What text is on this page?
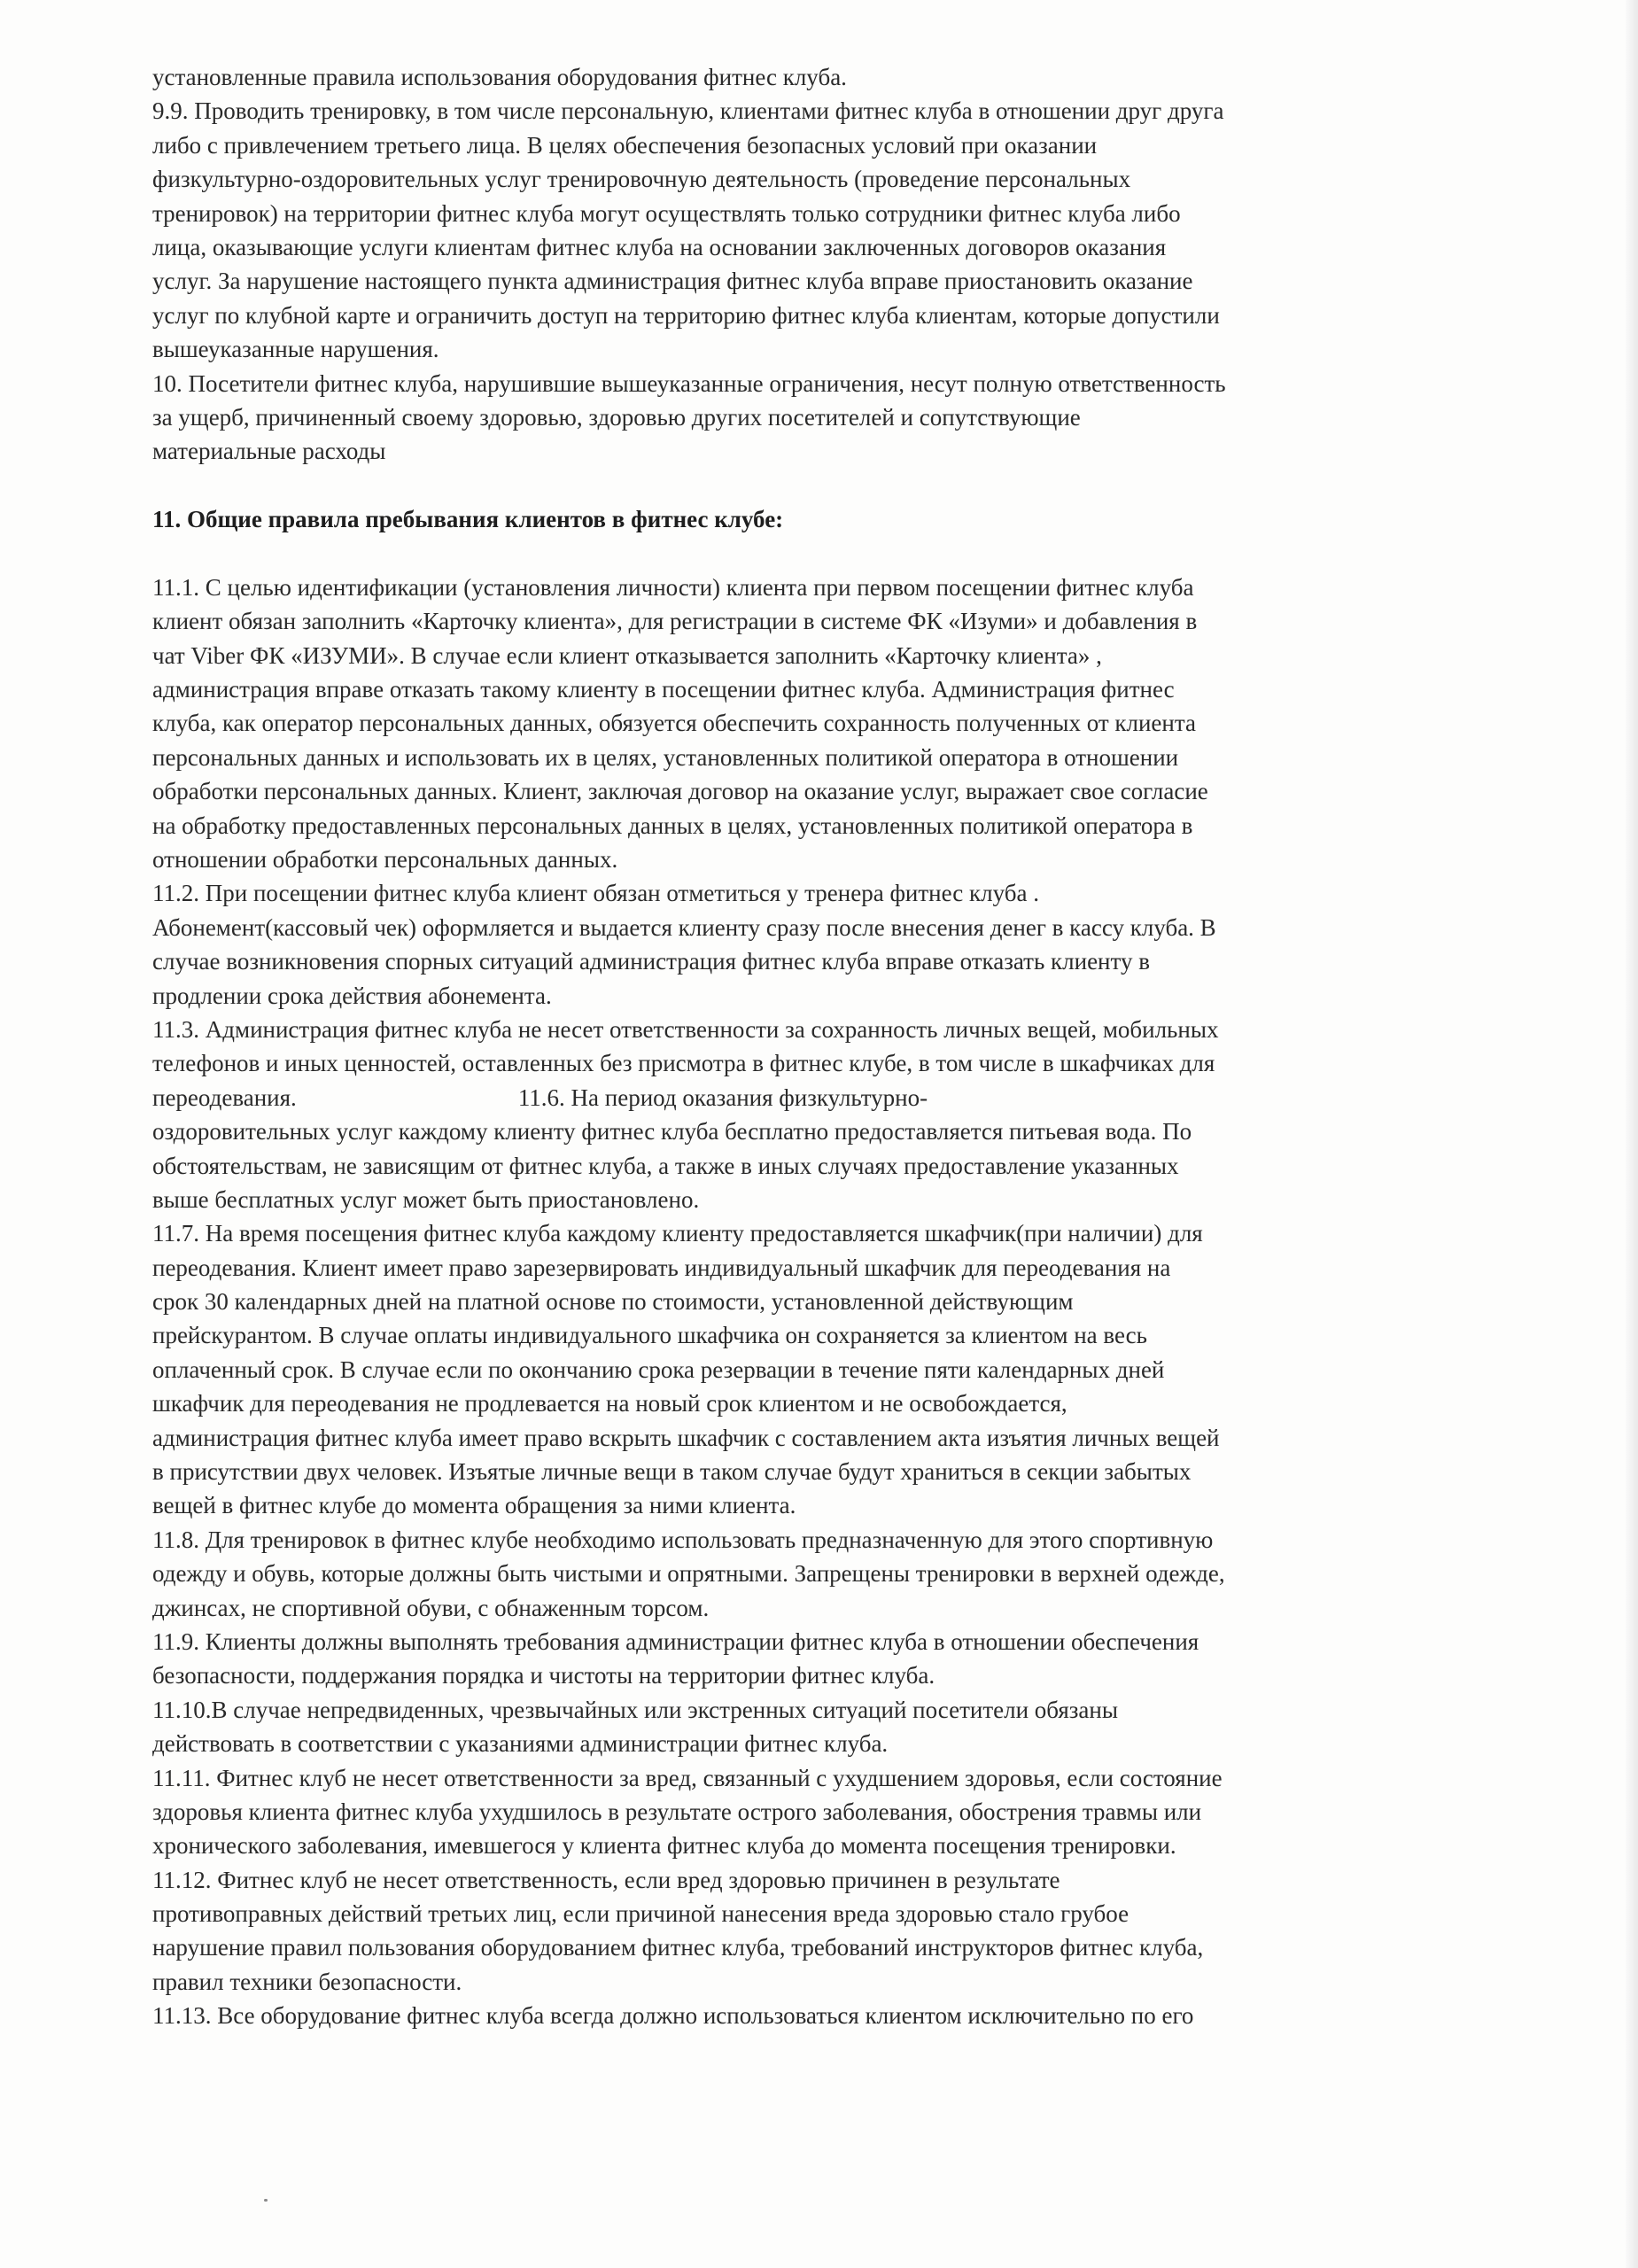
установленные правила использования оборудования фитнес клуба.
9.9. Проводить тренировку, в том числе персональную, клиентами фитнес клуба в отношении друг друга
либо с привлечением третьего лица. В целях обеспечения безопасных условий при оказании
физкультурно-оздоровительных услуг тренировочную деятельность (проведение персональных
тренировок) на территории фитнес клуба могут осуществлять только сотрудники фитнес клуба либо
лица, оказывающие услуги клиентам фитнес клуба на основании заключенных договоров оказания
услуг. За нарушение настоящего пункта администрация фитнес клуба вправе приостановить оказание
услуг по клубной карте и ограничить доступ на территорию фитнес клуба клиентам, которые допустили
вышеуказанные нарушения.
10. Посетители фитнес клуба, нарушившие вышеуказанные ограничения, несут полную ответственность
за ущерб, причиненный своему здоровью, здоровью других посетителей и сопутствующие
материальные расходы
11. Общие правила пребывания клиентов в фитнес клубе:
11.1. С целью идентификации (установления личности) клиента при первом посещении фитнес клуба
клиент обязан заполнить «Карточку клиента», для регистрации в системе ФК «Изуми» и добавления в
чат Viber ФК «ИЗУМИ». В случае если клиент отказывается заполнить «Карточку клиента» ,
администрация вправе отказать такому клиенту в посещении фитнес клуба. Администрация фитнес
клуба, как оператор персональных данных, обязуется обеспечить сохранность полученных от клиента
персональных данных и использовать их в целях, установленных политикой оператора в отношении
обработки персональных данных. Клиент, заключая договор на оказание услуг, выражает свое согласие
на обработку предоставленных персональных данных в целях, установленных политикой оператора в
отношении обработки персональных данных.
11.2. При посещении фитнес клуба клиент обязан отметиться у тренера фитнес клуба .
Абонемент(кассовый чек) оформляется и выдается клиенту сразу после внесения денег в кассу клуба. В
случае возникновения спорных ситуаций администрация фитнес клуба вправе отказать клиенту в
продлении срока действия абонемента.
11.3. Администрация фитнес клуба не несет ответственности за сохранность личных вещей, мобильных
телефонов и иных ценностей, оставленных без присмотра в фитнес клубе, в том числе в шкафчиках для
переодевания.	11.6. На период оказания физкультурно-
оздоровительных услуг каждому клиенту фитнес клуба бесплатно предоставляется питьевая вода. По
обстоятельствам, не зависящим от фитнес клуба, а также в иных случаях предоставление указанных
выше бесплатных услуг может быть приостановлено.
11.7. На время посещения фитнес клуба каждому клиенту предоставляется шкафчик(при наличии) для
переодевания. Клиент имеет право зарезервировать индивидуальный шкафчик для переодевания на
срок 30 календарных дней на платной основе по стоимости, установленной действующим
прейскурантом. В случае оплаты индивидуального шкафчика он сохраняется за клиентом на весь
оплаченный срок. В случае если по окончанию срока резервации в течение пяти календарных дней
шкафчик для переодевания не продлевается на новый срок клиентом и не освобождается,
администрация фитнес клуба имеет право вскрыть шкафчик с составлением акта изъятия личных вещей
в присутствии двух человек. Изъятые личные вещи в таком случае будут храниться в секции забытых
вещей в фитнес клубе до момента обращения за ними клиента.
11.8. Для тренировок в фитнес клубе необходимо использовать предназначенную для этого спортивную
одежду и обувь, которые должны быть чистыми и опрятными. Запрещены тренировки в верхней одежде,
джинсах, не спортивной обуви, с обнаженным торсом.
11.9. Клиенты должны выполнять требования администрации фитнес клуба в отношении обеспечения
безопасности, поддержания порядка и чистоты на территории фитнес клуба.
11.10.В случае непредвиденных, чрезвычайных или экстренных ситуаций посетители обязаны
действовать в соответствии с указаниями администрации фитнес клуба.
11.11. Фитнес клуб не несет ответственности за вред, связанный с ухудшением здоровья, если состояние
здоровья клиента фитнес клуба ухудшилось в результате острого заболевания, обострения травмы или
хронического заболевания, имевшегося у клиента фитнес клуба до момента посещения тренировки.
11.12. Фитнес клуб не несет ответственность, если вред здоровью причинен в результате
противоправных действий третьих лиц, если причиной нанесения вреда здоровью стало грубое
нарушение правил пользования оборудованием фитнес клуба, требований инструкторов фитнес клуба,
правил техники безопасности.
11.13. Все оборудование фитнес клуба всегда должно использоваться клиентом исключительно по его
